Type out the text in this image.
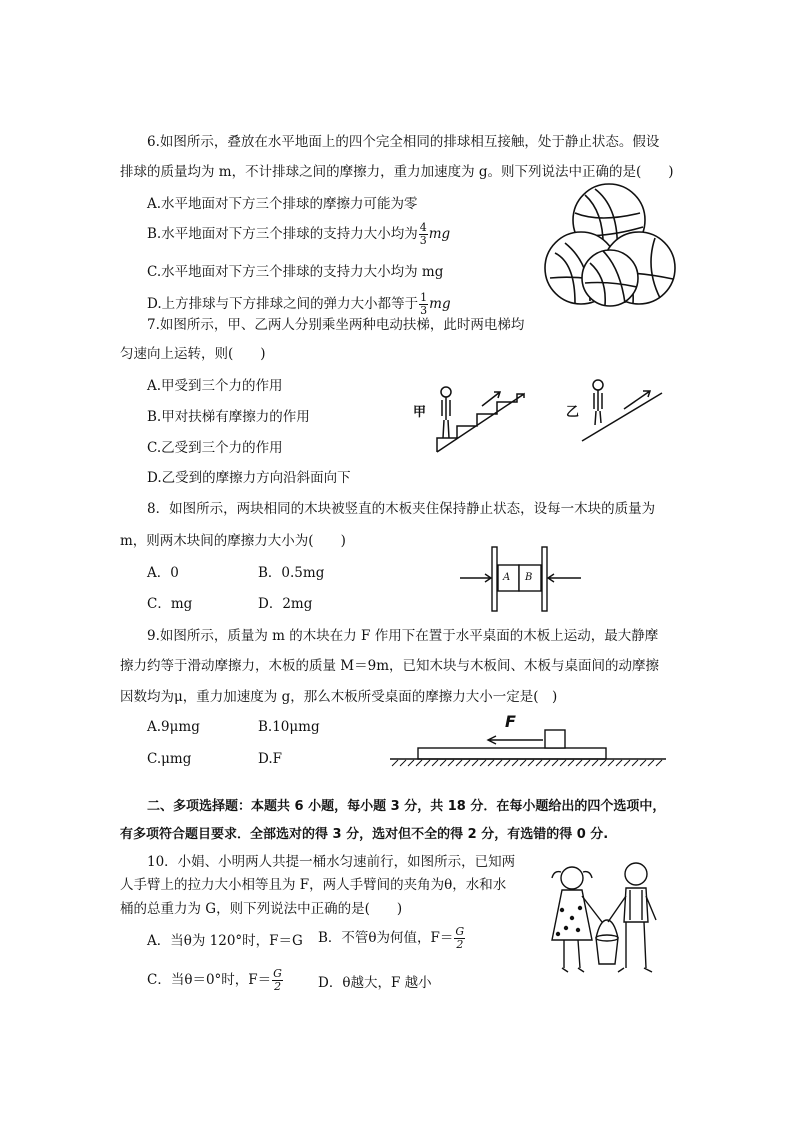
6.如图所示，叠放在水平地面上的四个完全相同的排球相互接触，处于静止状态。假设
排球的质量均为 m，不计排球之间的摩擦力，重力加速度为 g。则下列说法中正确的是(　　)
A.水平地面对下方三个排球的摩擦力可能为零
B.水平地面对下方三个排球的支持力大小均为 $\frac{4}{3}$ mg
C.水平地面对下方三个排球的支持力大小均为 mg
D.上方排球与下方排球之间的弹力大小都等于 $\frac{1}{3}$ mg
7.如图所示，甲、乙两人分别乘坐两种电动扶梯，此时两电梯均
匀速向上运转，则(　　)
A.甲受到三个力的作用
B.甲对扶梯有摩擦力的作用
C.乙受到三个力的作用
D.乙受到的摩擦力方向沿斜面向下
甲	乙
8．如图所示，两块相同的木块被竖直的木板夹住保持静止状态，设每一木块的质量为
m，则两木块间的摩擦力大小为(　　)
A．0	B．0.5mg
C．mg	D．2mg
A B
9.如图所示，质量为 m 的木块在力 F 作用下在置于水平桌面的木板上运动，最大静摩
擦力约等于滑动摩擦力，木板的质量 M＝9m，已知木块与木板间、木板与桌面间的动摩擦
因数均为μ，重力加速度为 g，那么木板所受桌面的摩擦力大小一定是(　)
A.9μmg	B.10μmg
C.μmg	D.F
F
二、多项选择题：本题共 6 小题，每小题 3 分，共 18 分．在每小题给出的四个选项中，
有多项符合题目要求．全部选对的得 3 分，选对但不全的得 2 分，有选错的得 0 分.
10．小娟、小明两人共提一桶水匀速前行，如图所示，已知两
人手臂上的拉力大小相等且为 F，两人手臂间的夹角为θ，水和水
桶的总重力为 G，则下列说法中正确的是(　　)
A．当θ为 120°时，F＝G B．不管θ为何值，$F= \frac{G}{2}$
C．当θ＝0°时，$F= \frac{G}{2}$	D．θ越大，F 越小
